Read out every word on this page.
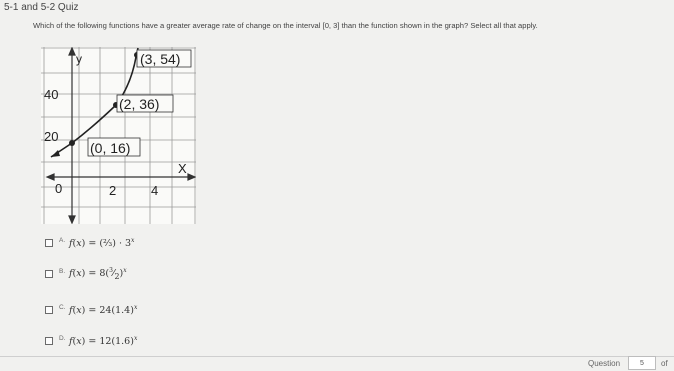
5-1 and 5-2 Quiz
Which of the following functions have a greater average rate of change on the interval [0, 3] than the function shown in the graph? Select all that apply.
(0, 16)
(2, 36)
(3, 54)
y
40
20
X
0	2	4
A. f(x) = (⅔) · $3^x$
B. $f(x) = 8(^3⁄_2)^x$
C. $f(x) = 24(1.4)^x$
D. $f(x) = 12(1.6)^x$
Question	5	of
